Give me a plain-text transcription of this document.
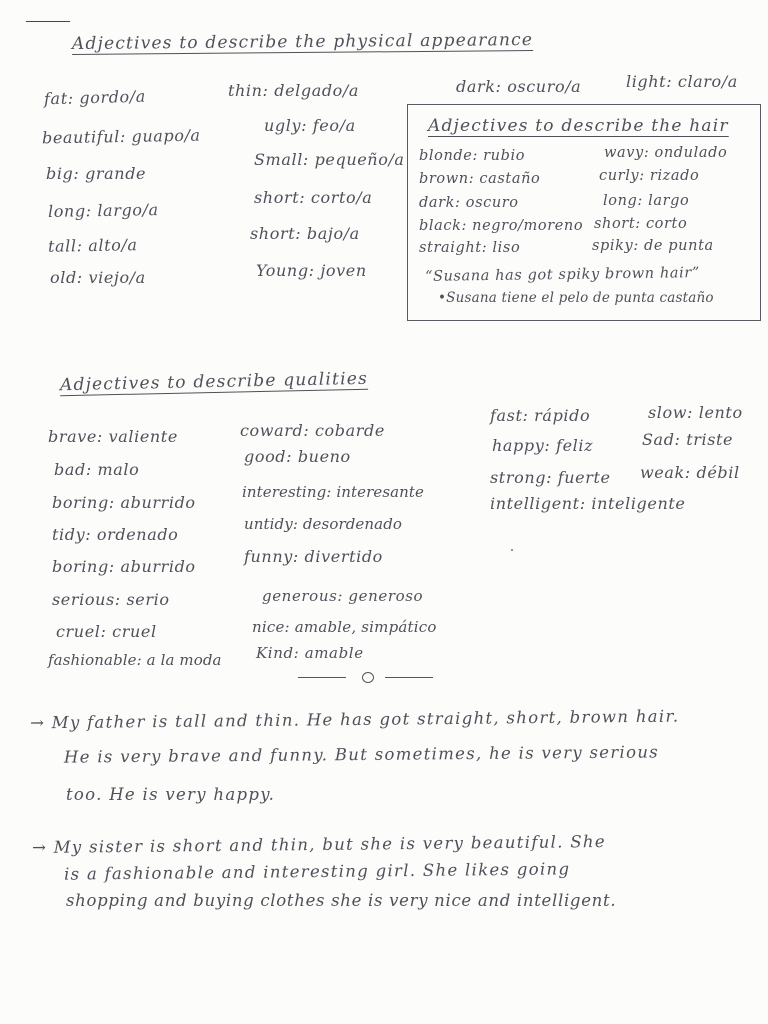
Adjectives to describe the physical appearance
fat: gordo/a
beautiful: guapo/a
big: grande
long: largo/a
tall: alto/a
old: viejo/a
thin: delgado/a
ugly: feo/a
Small: pequeño/a
short: corto/a
short: bajo/a
Young: joven
dark: oscuro/a	light: claro/a
Adjectives to describe the hair
blonde: rubio
brown: castaño
dark: oscuro
black: negro/moreno
straight: liso
wavy: ondulado
curly: rizado
long: largo
short: corto
spiky: de punta
“Susana has got spiky brown hair”
•Susana tiene el pelo de punta castaño
Adjectives to describe qualities
brave: valiente
bad: malo
boring: aburrido
tidy: ordenado
boring: aburrido
serious: serio
cruel: cruel
fashionable: a la moda
coward: cobarde
good: bueno
interesting: interesante
untidy: desordenado
funny: divertido
generous: generoso
nice: amable, simpático
Kind: amable
fast: rápido
happy: feliz
strong: fuerte
intelligent: inteligente
slow: lento
Sad: triste
weak: débil
→ My father is tall and thin. He has got straight, short, brown hair.
He is very brave and funny. But sometimes, he is very serious
too. He is very happy.
→ My sister is short and thin, but she is very beautiful. She
is a fashionable and interesting girl. She likes going
shopping and buying clothes she is very nice and intelligent.
